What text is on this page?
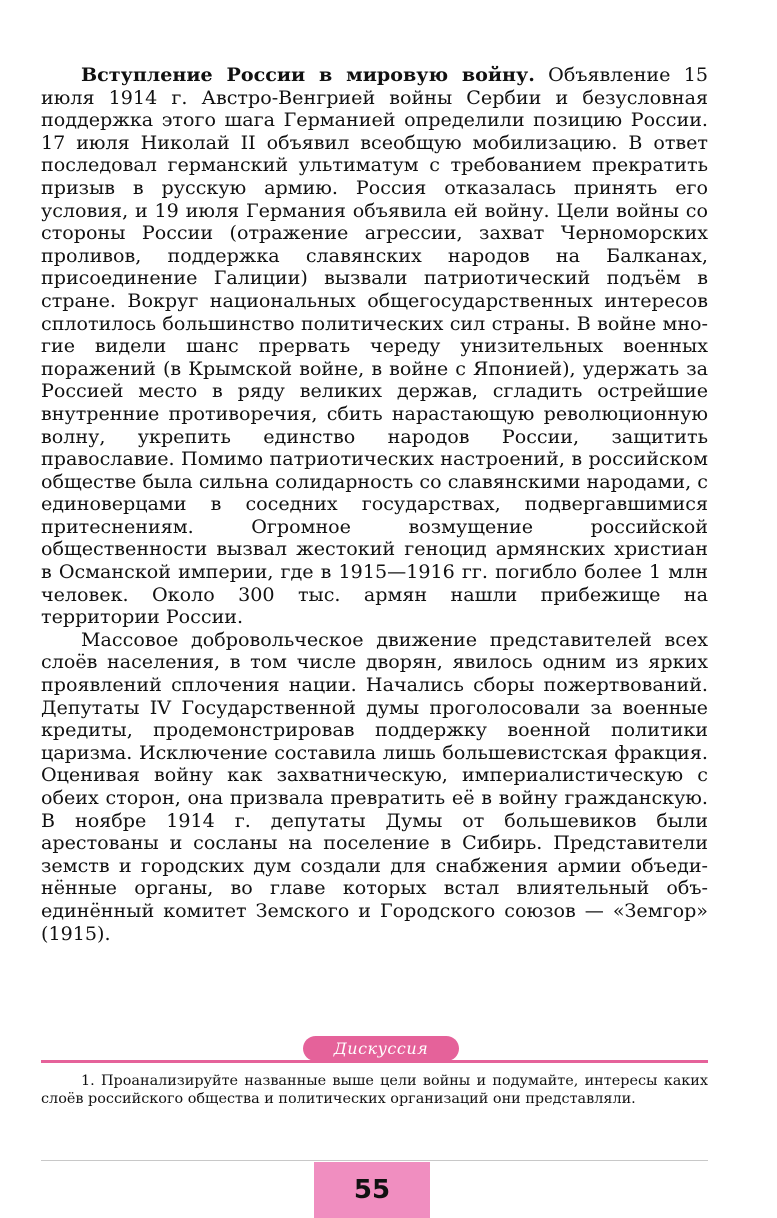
Вступление России в мировую войну. Объявление 15 июля 1914 г. Австро-Венгрией войны Сербии и безусловная поддержка этого шага Германией определили позицию России. 17 июля Николай II объявил всеобщую мобилизацию. В ответ последовал германский ультиматум с требованием прекратить призыв в русскую армию. Россия отказалась принять его условия, и 19 июля Германия объявила ей войну. Цели войны со стороны России (отражение агрессии, захват Черноморских проливов, поддержка славянских народов на Балканах, присоединение Галиции) вызвали патриотический подъём в стране. Вокруг национальных общегосударственных интересов сплотилось большинство политических сил страны. В войне многие видели шанс прервать череду унизительных военных поражений (в Крымской войне, в войне с Японией), удержать за Россией место в ряду великих держав, сгладить острейшие внутренние противоречия, сбить нарастающую революционную волну, укрепить единство народов России, защитить православие. Помимо патриотических настроений, в российском обществе была сильна солидарность со славянскими народами, с единоверцами в соседних государствах, подвергавшимися притеснениям. Огромное возмущение российской общественности вызвал жестокий геноцид армянских христиан в Османской империи, где в 1915—1916 гг. погибло более 1 млн человек. Около 300 тыс. армян нашли прибежище на территории России.

Массовое добровольческое движение представителей всех слоёв населения, в том числе дворян, явилось одним из ярких проявлений сплочения нации. Начались сборы пожертвований. Депутаты IV Государственной думы проголосовали за военные кредиты, продемонстрировав поддержку военной политики царизма. Исключение составила лишь большевистская фракция. Оценивая войну как захватническую, империалистическую с обеих сторон, она призвала превратить её в войну гражданскую. В ноябре 1914 г. депутаты Думы от большевиков были арестованы и сосланы на поселение в Сибирь. Представители земств и городских дум создали для снабжения армии объединённые органы, во главе которых встал влиятельный объединённый комитет Земского и Городского союзов — «Земгор» (1915).

Дискуссия

1. Проанализируйте названные выше цели войны и подумайте, интересы каких слоёв российского общества и политических организаций они представляли.

55
